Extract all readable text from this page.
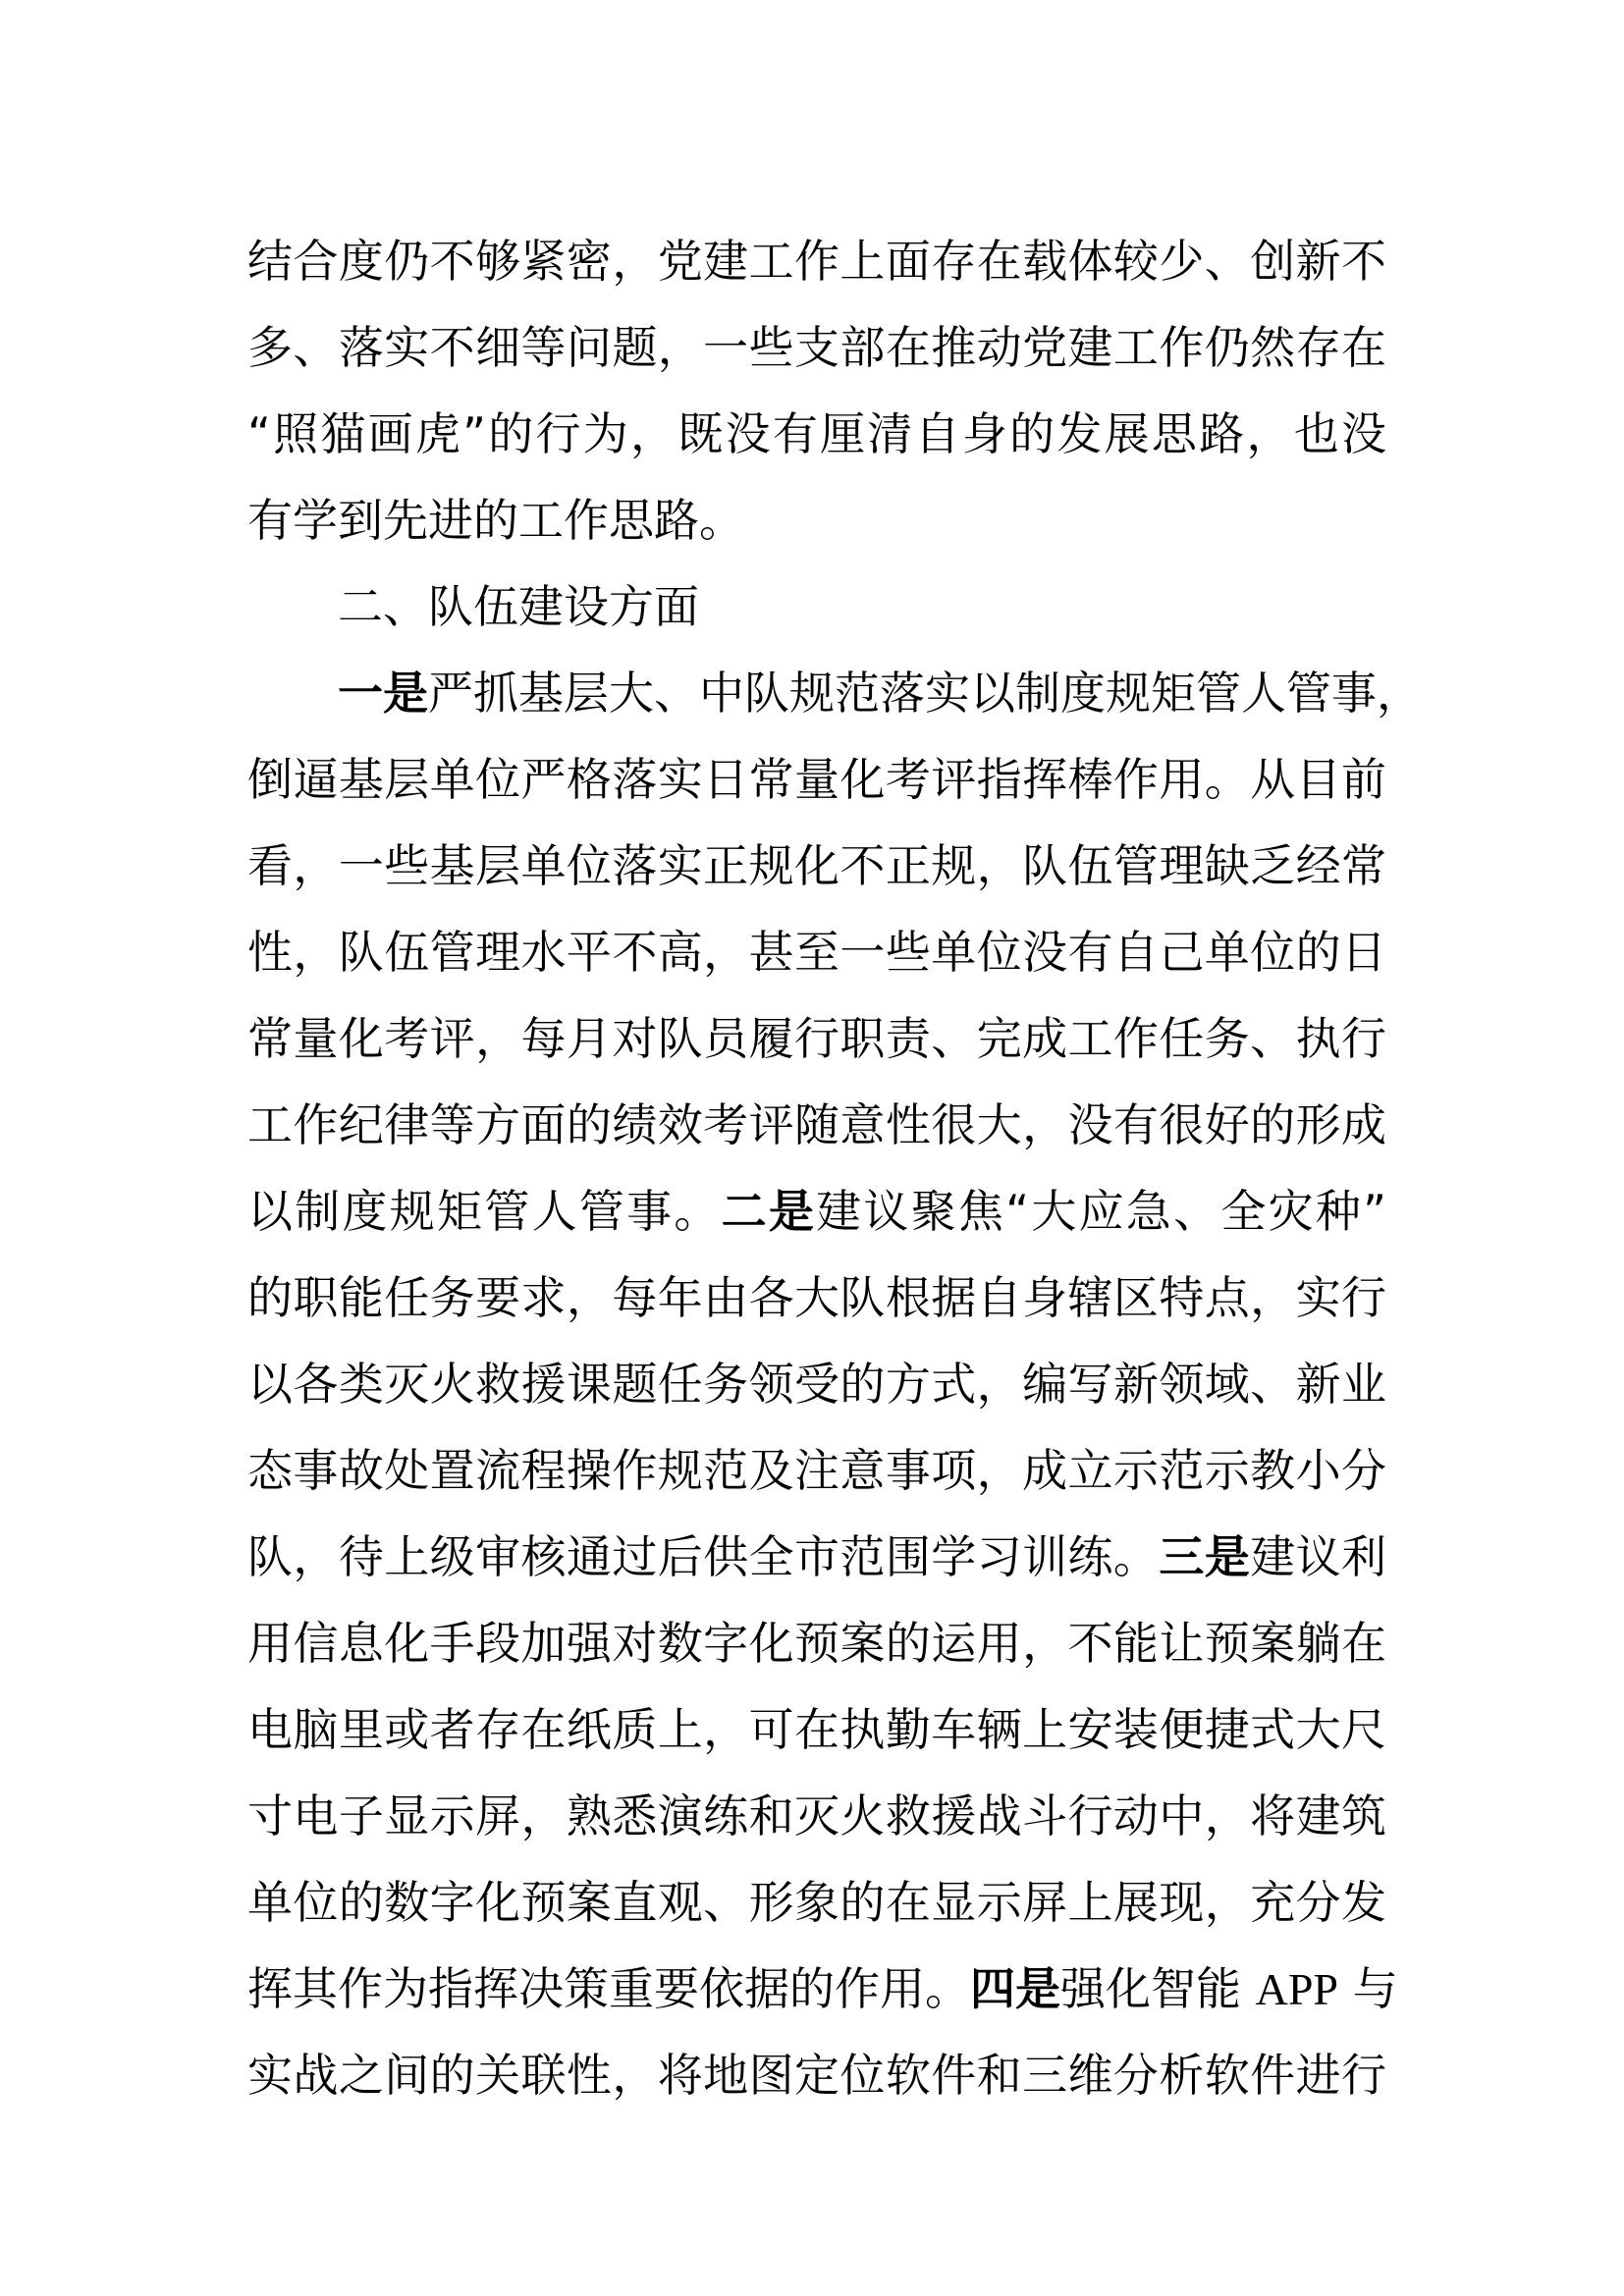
结合度仍不够紧密，党建工作上面存在载体较少、创新不
多、落实不细等问题，一些支部在推动党建工作仍然存在
“照猫画虎”的行为，既没有厘清自身的发展思路，也没
有学到先进的工作思路。
二、队伍建设方面
一是严抓基层大、中队规范落实以制度规矩管人管事，
倒逼基层单位严格落实日常量化考评指挥棒作用。从目前
看，一些基层单位落实正规化不正规，队伍管理缺乏经常
性，队伍管理水平不高，甚至一些单位没有自己单位的日
常量化考评，每月对队员履行职责、完成工作任务、执行
工作纪律等方面的绩效考评随意性很大，没有很好的形成
以制度规矩管人管事。二是建议聚焦“大应急、全灾种”
的职能任务要求，每年由各大队根据自身辖区特点，实行
以各类灭火救援课题任务领受的方式，编写新领域、新业
态事故处置流程操作规范及注意事项，成立示范示教小分
队，待上级审核通过后供全市范围学习训练。三是建议利
用信息化手段加强对数字化预案的运用，不能让预案躺在
电脑里或者存在纸质上，可在执勤车辆上安装便捷式大尺
寸电子显示屏，熟悉演练和灭火救援战斗行动中，将建筑
单位的数字化预案直观、形象的在显示屏上展现，充分发
挥其作为指挥决策重要依据的作用。四是强化智能 APP 与
实战之间的关联性，将地图定位软件和三维分析软件进行
